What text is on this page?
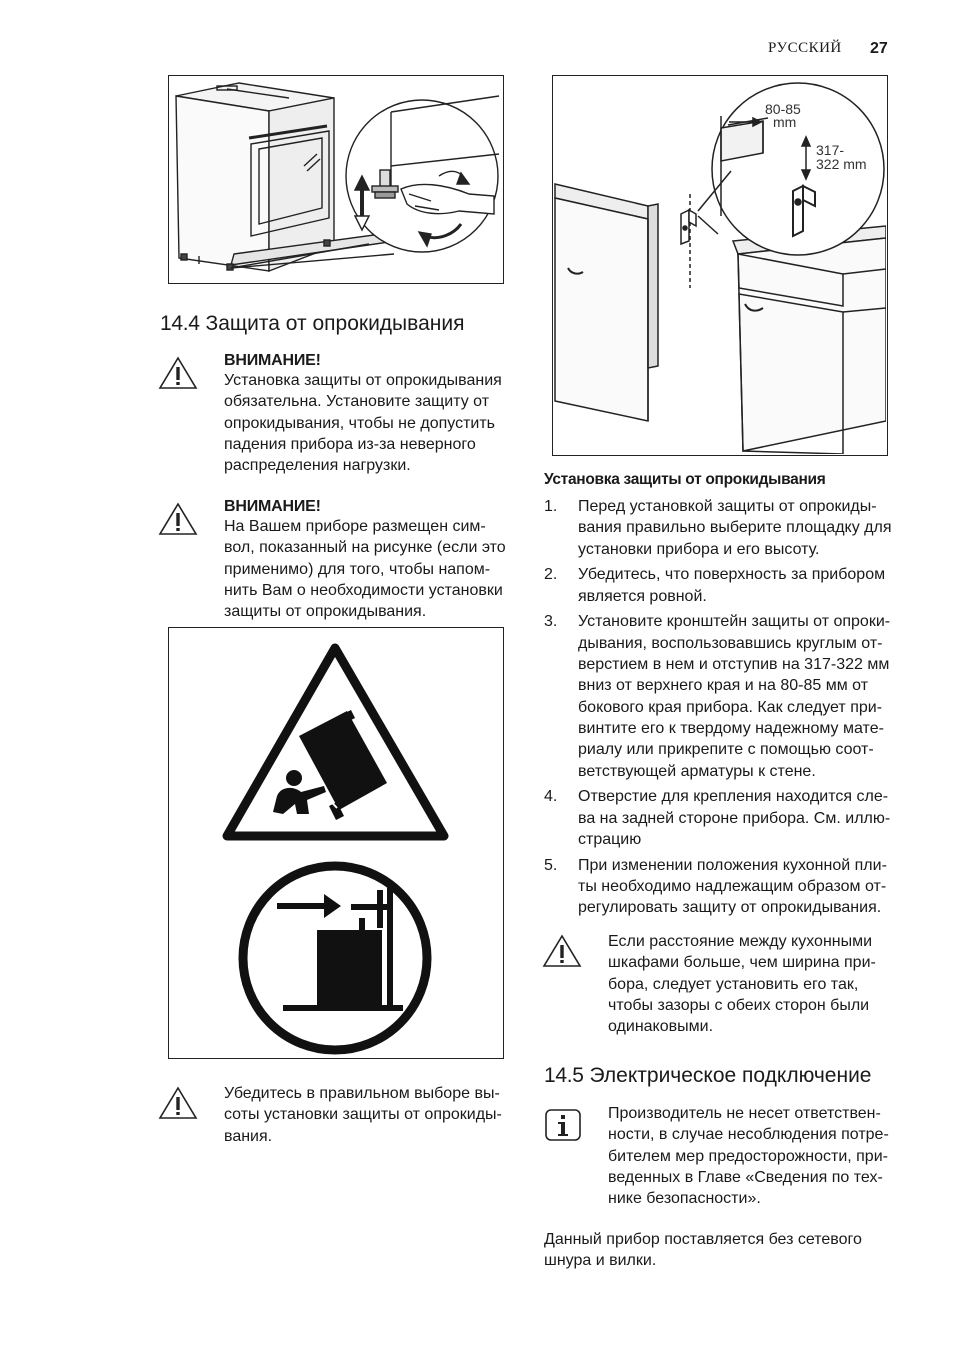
РУССКИЙ 27
80-85
mm
317-
322 mm
14.4 Защита от опрокидывания
ВНИМАНИЕ!
Установка защиты от опрокидывания
обязательна. Установите защиту от
опрокидывания, чтобы не допустить
падения прибора из-за неверного
распределения нагрузки.
ВНИМАНИЕ!
На Вашем приборе размещен сим-
вол, показанный на рисунке (если это
применимо) для того, чтобы напом-
нить Вам о необходимости установки
защиты от опрокидывания.
Убедитесь в правильном выборе вы-
соты установки защиты от опрокиды-
вания.
Установка защиты от опрокидывания
1. Перед установкой защиты от опрокиды-
вания правильно выберите площадку для
установки прибора и его высоту.
2. Убедитесь, что поверхность за прибором
является ровной.
3. Установите кронштейн защиты от опроки-
дывания, воспользовавшись круглым от-
верстием в нем и отступив на 317-322 мм
вниз от верхнего края и на 80-85 мм от
бокового края прибора. Как следует при-
винтите его к твердому надежному мате-
риалу или прикрепите с помощью соот-
ветствующей арматуры к стене.
4. Отверстие для крепления находится сле-
ва на задней стороне прибора. См. иллю-
страцию
5. При изменении положения кухонной пли-
ты необходимо надлежащим образом от-
регулировать защиту от опрокидывания.
Если расстояние между кухонными
шкафами больше, чем ширина при-
бора, следует установить его так,
чтобы зазоры с обеих сторон были
одинаковыми.
14.5 Электрическое подключение
Производитель не несет ответствен-
ности, в случае несоблюдения потре-
бителем мер предосторожности, при-
веденных в Главе «Сведения по тех-
нике безопасности».
Данный прибор поставляется без сетевого
шнура и вилки.
